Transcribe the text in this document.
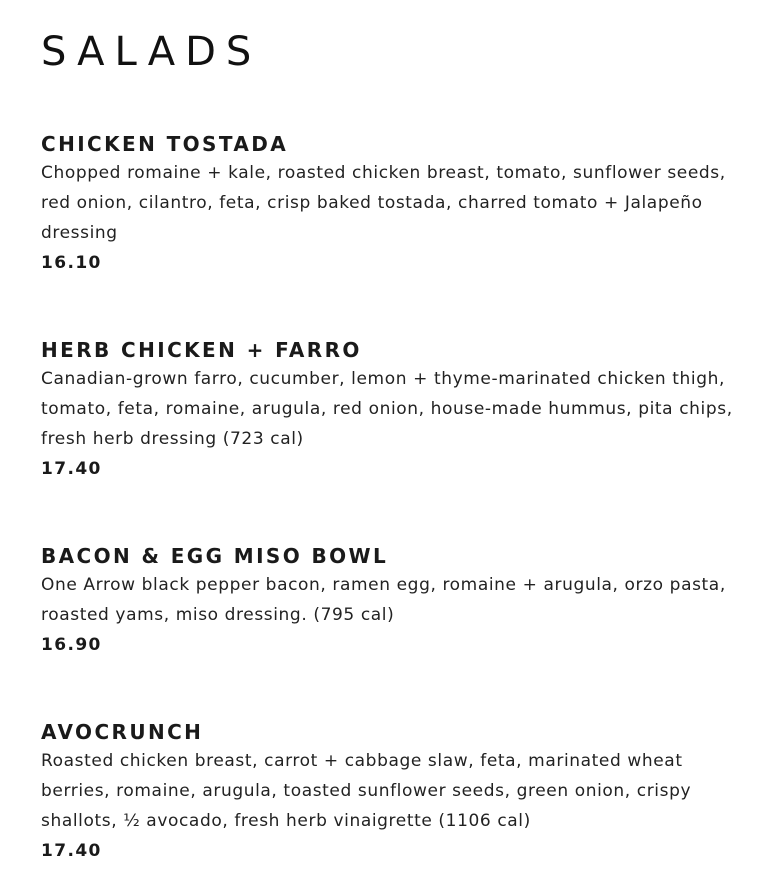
SALADS
CHICKEN TOSTADA

Chopped romaine + kale, roasted chicken breast, tomato, sunflower seeds,
red onion, cilantro, feta, crisp baked tostada, charred tomato + Jalapeño
dressing

16.10

HERB CHICKEN + FARRO

Canadian-grown farro, cucumber, lemon + thyme-marinated chicken thigh,
tomato, feta, romaine, arugula, red onion, house-made hummus, pita chips,
fresh herb dressing (723 cal)

17.40

BACON & EGG MISO BOWL

One Arrow black pepper bacon, ramen egg, romaine + arugula, orzo pasta,
roasted yams, miso dressing. (795 cal)

16.90

AVOCRUNCH

Roasted chicken breast, carrot + cabbage slaw, feta, marinated wheat
berries, romaine, arugula, toasted sunflower seeds, green onion, crispy
shallots, ½ avocado, fresh herb vinaigrette (1106 cal)

17.40
